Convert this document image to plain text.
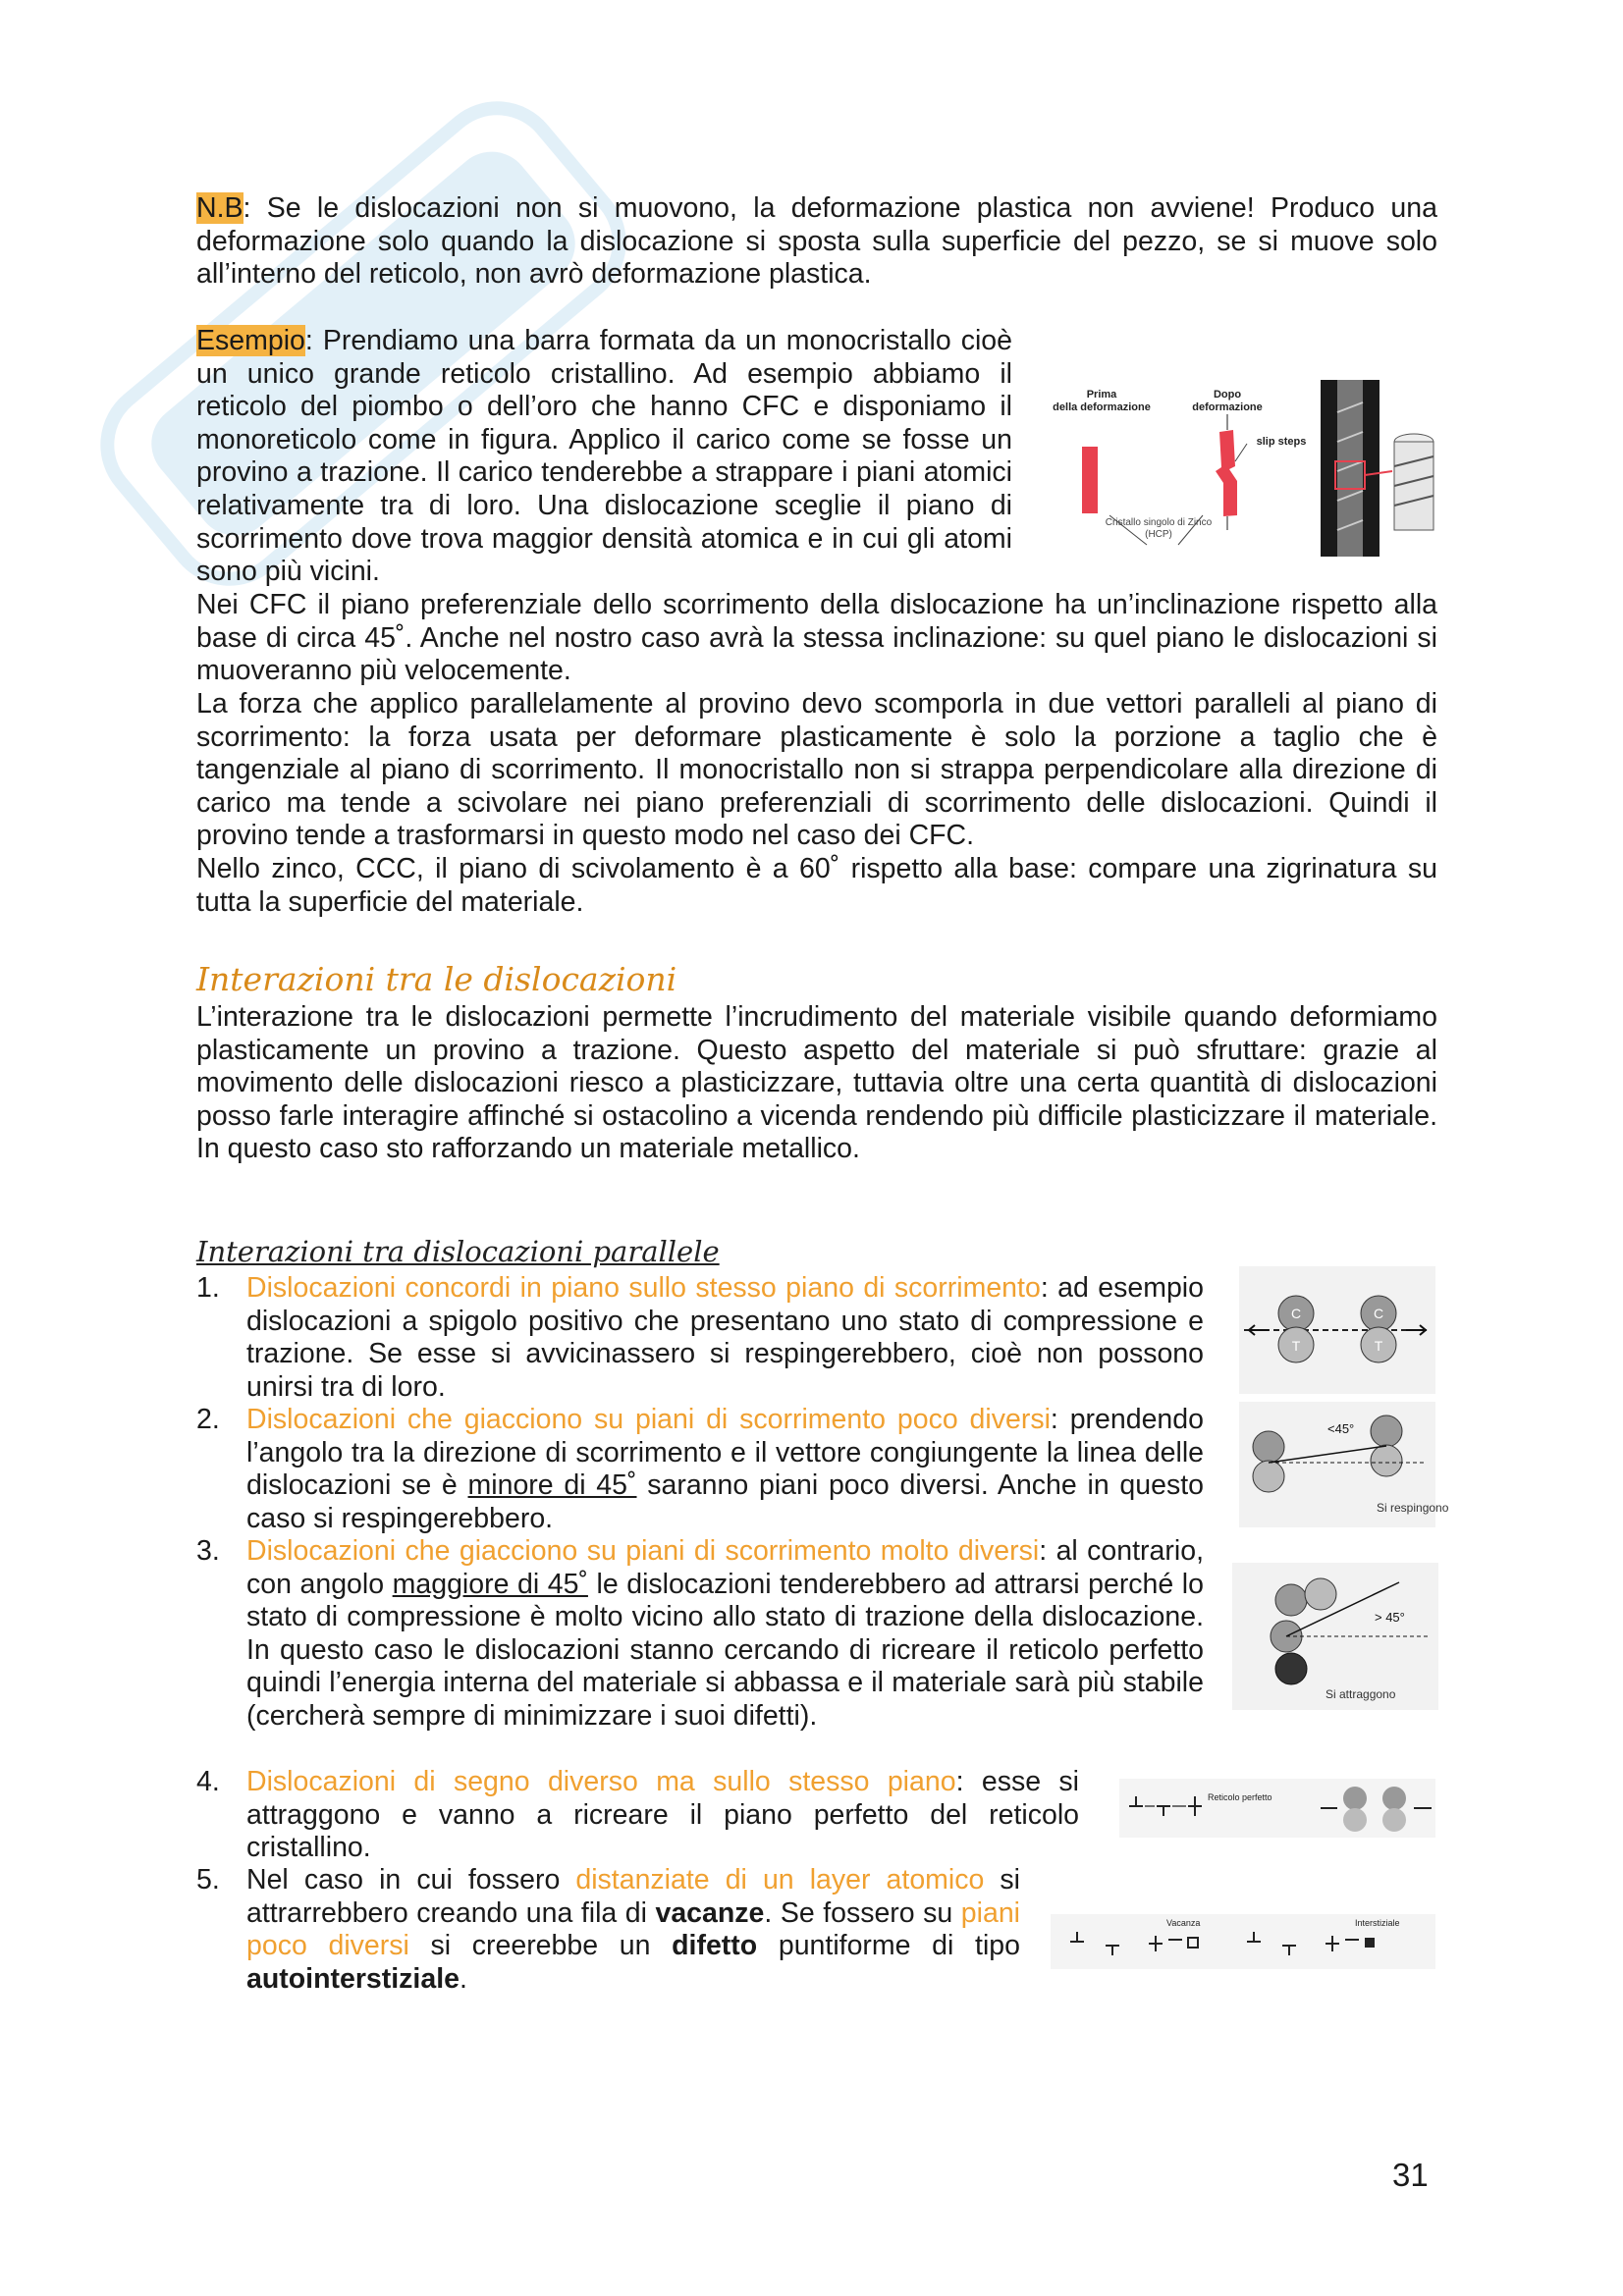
N.B: Se le dislocazioni non si muovono, la deformazione plastica non avviene! Produco una deformazione solo quando la dislocazione si sposta sulla superficie del pezzo, se si muove solo all’interno del reticolo, non avrò deformazione plastica.
Esempio: Prendiamo una barra formata da un monocristallo cioè un unico grande reticolo cristallino. Ad esempio abbiamo il reticolo del piombo o dell’oro che hanno CFC e disponiamo il monoreticolo come in figura. Applico il carico come se fosse un provino a trazione. Il carico tenderebbe a strappare i piani atomici relativamente tra di loro. Una dislocazione sceglie il piano di scorrimento dove trova maggior densità atomica e in cui gli atomi sono più vicini.
Nei CFC il piano preferenziale dello scorrimento della dislocazione ha un’inclinazione rispetto alla base di circa 45˚. Anche nel nostro caso avrà la stessa inclinazione: su quel piano le dislocazioni si muoveranno più velocemente.
La forza che applico parallelamente al provino devo scomporla in due vettori paralleli al piano di scorrimento: la forza usata per deformare plasticamente è solo la porzione a taglio che è tangenziale al piano di scorrimento. Il monocristallo non si strappa perpendicolare alla direzione di carico ma tende a scivolare nei piano preferenziali di scorrimento delle dislocazioni. Quindi il provino tende a trasformarsi in questo modo nel caso dei CFC.
Nello zinco, CCC, il piano di scivolamento è a 60˚ rispetto alla base: compare una zigrinatura su tutta la superficie del materiale.
Prima
della deformazione
Dopo
deformazione
slip steps
Cristallo singolo di Zinco
(HCP)
Interazioni tra le dislocazioni
L’interazione tra le dislocazioni permette l’incrudimento del materiale visibile quando deformiamo plasticamente un provino a trazione. Questo aspetto del materiale si può sfruttare: grazie al movimento delle dislocazioni riesco a plasticizzare, tuttavia oltre una certa quantità di dislocazioni posso farle interagire affinché si ostacolino a vicenda rendendo più difficile plasticizzare il materiale. In questo caso sto rafforzando un materiale metallico.
Interazioni tra dislocazioni parallele
1. Dislocazioni concordi in piano sullo stesso piano di scorrimento: ad esempio dislocazioni a spigolo positivo che presentano uno stato di compressione e trazione. Se esse si avvicinassero si respingerebbero, cioè non possono unirsi tra di loro.
2. Dislocazioni che giacciono su piani di scorrimento poco diversi: prendendo l’angolo tra la direzione di scorrimento e il vettore congiungente la linea delle dislocazioni se è minore di 45˚ saranno piani poco diversi. Anche in questo caso si respingerebbero.
3. Dislocazioni che giacciono su piani di scorrimento molto diversi: al contrario, con angolo maggiore di 45˚ le dislocazioni tenderebbero ad attrarsi perché lo stato di compressione è molto vicino allo stato di trazione della dislocazione. In questo caso le dislocazioni stanno cercando di ricreare il reticolo perfetto quindi l’energia interna del materiale si abbassa e il materiale sarà più stabile (cercherà sempre di minimizzare i suoi difetti).
4. Dislocazioni di segno diverso ma sullo stesso piano: esse si attraggono e vanno a ricreare il piano perfetto del reticolo cristallino.
5. Nel caso in cui fossero distanziate di un layer atomico si attrarrebbero creando una fila di vacanze. Se fossero su piani poco diversi si creerebbe un difetto puntiforme di tipo autointerstiziale.
C
T
C
T
<45°
Si respingono
> 45°
Si attraggono
Reticolo perfetto
Vacanza	Interstiziale
31
